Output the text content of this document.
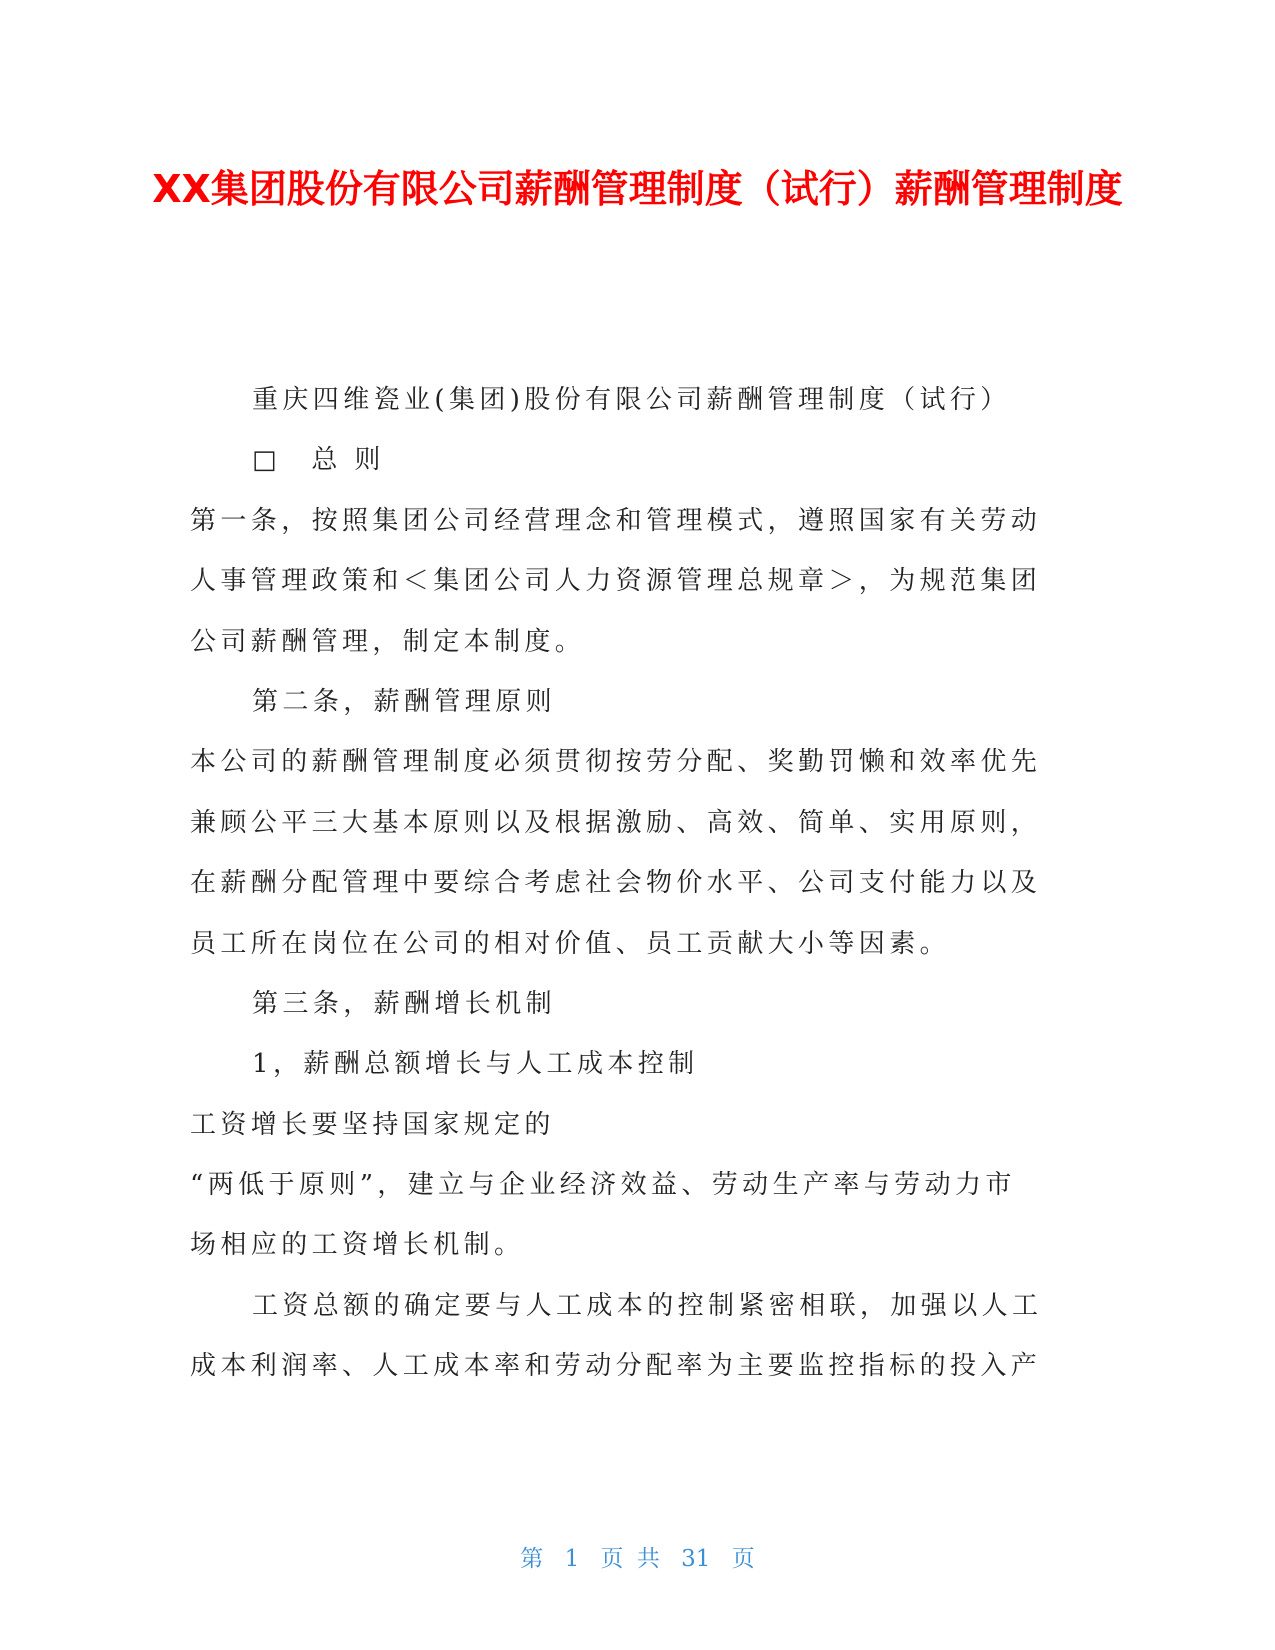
XX集团股份有限公司薪酬管理制度（试行）薪酬管理制度

重庆四维瓷业(集团)股份有限公司薪酬管理制度（试行）

□　总 则

第一条，按照集团公司经营理念和管理模式，遵照国家有关劳动

人事管理政策和＜集团公司人力资源管理总规章＞，为规范集团

公司薪酬管理，制定本制度。

第二条，薪酬管理原则

本公司的薪酬管理制度必须贯彻按劳分配、奖勤罚懒和效率优先

兼顾公平三大基本原则以及根据激励、高效、简单、实用原则，

在薪酬分配管理中要综合考虑社会物价水平、公司支付能力以及

员工所在岗位在公司的相对价值、员工贡献大小等因素。

第三条，薪酬增长机制

1，薪酬总额增长与人工成本控制

工资增长要坚持国家规定的

“两低于原则”，建立与企业经济效益、劳动生产率与劳动力市

场相应的工资增长机制。

工资总额的确定要与人工成本的控制紧密相联，加强以人工

成本利润率、人工成本率和劳动分配率为主要监控指标的投入产

第 1 页 共 31 页
